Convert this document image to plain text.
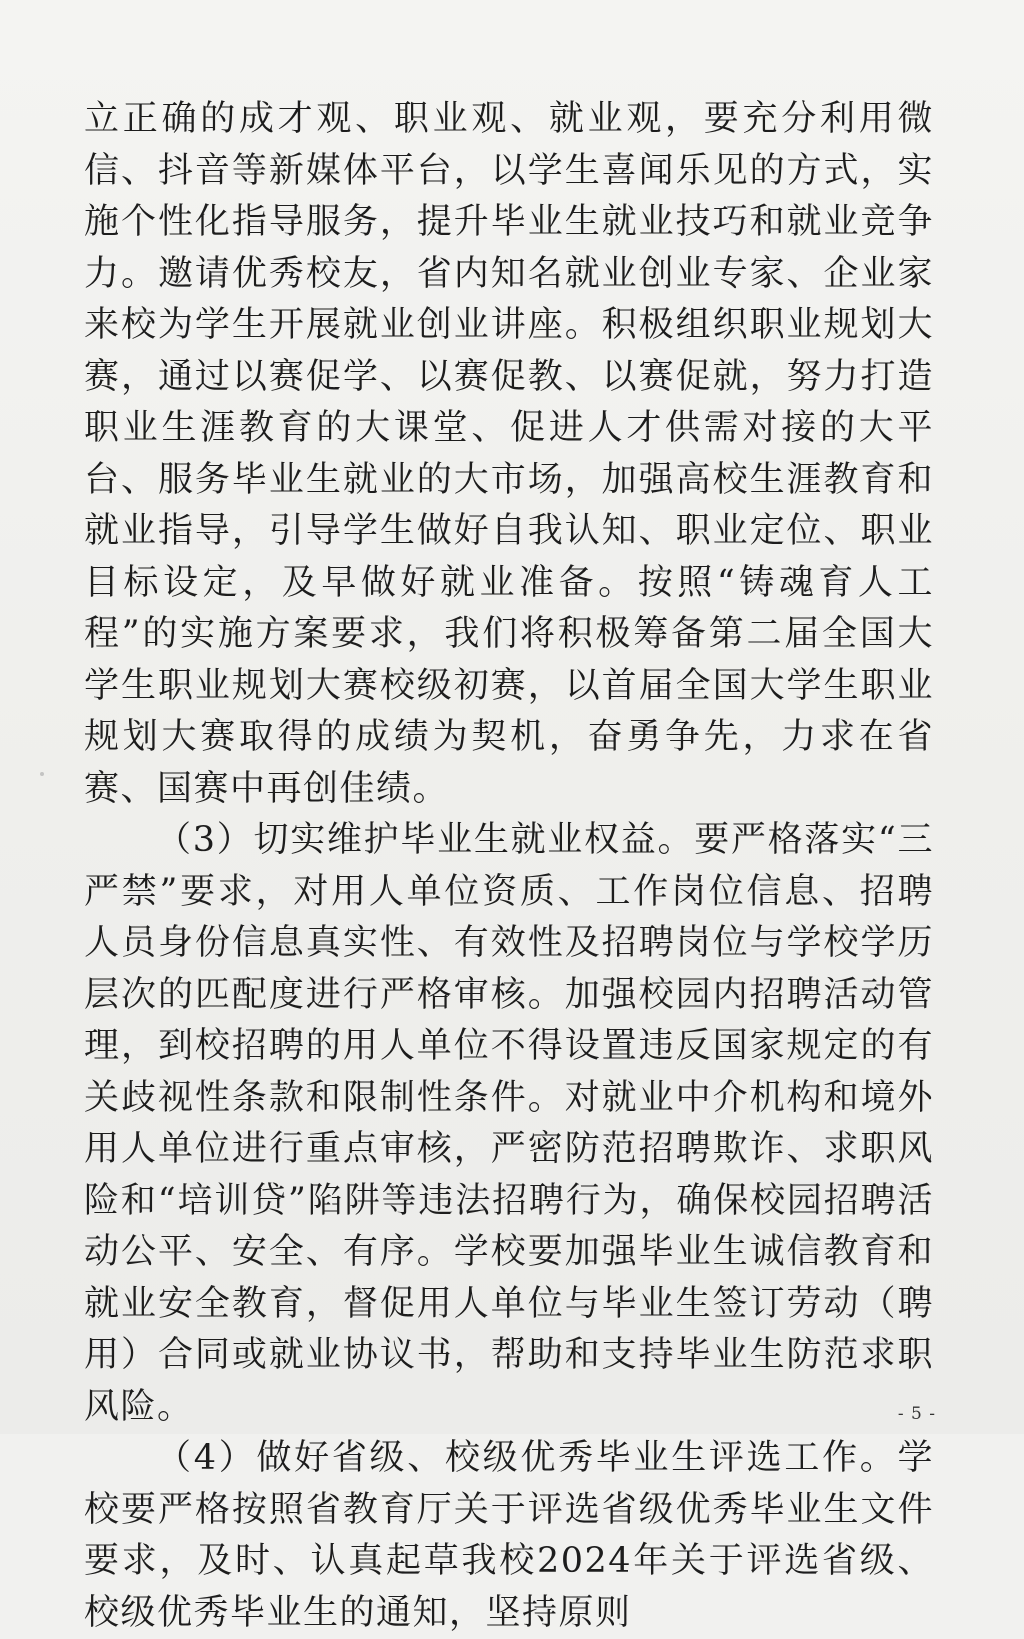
立正确的成才观、职业观、就业观，要充分利用微信、抖音等新媒体平台，以学生喜闻乐见的方式，实施个性化指导服务，提升毕业生就业技巧和就业竞争力。邀请优秀校友，省内知名就业创业专家、企业家来校为学生开展就业创业讲座。积极组织职业规划大赛，通过以赛促学、以赛促教、以赛促就，努力打造职业生涯教育的大课堂、促进人才供需对接的大平台、服务毕业生就业的大市场，加强高校生涯教育和就业指导，引导学生做好自我认知、职业定位、职业目标设定，及早做好就业准备。按照“铸魂育人工程”的实施方案要求，我们将积极筹备第二届全国大学生职业规划大赛校级初赛，以首届全国大学生职业规划大赛取得的成绩为契机，奋勇争先，力求在省赛、国赛中再创佳绩。

（3）切实维护毕业生就业权益。要严格落实“三严禁”要求，对用人单位资质、工作岗位信息、招聘人员身份信息真实性、有效性及招聘岗位与学校学历层次的匹配度进行严格审核。加强校园内招聘活动管理，到校招聘的用人单位不得设置违反国家规定的有关歧视性条款和限制性条件。对就业中介机构和境外用人单位进行重点审核，严密防范招聘欺诈、求职风险和“培训贷”陷阱等违法招聘行为，确保校园招聘活动公平、安全、有序。学校要加强毕业生诚信教育和就业安全教育，督促用人单位与毕业生签订劳动（聘用）合同或就业协议书，帮助和支持毕业生防范求职风险。

（4）做好省级、校级优秀毕业生评选工作。学校要严格按照省教育厅关于评选省级优秀毕业生文件要求，及时、认真起草我校2024年关于评选省级、校级优秀毕业生的通知，坚持原则

- 5 -
